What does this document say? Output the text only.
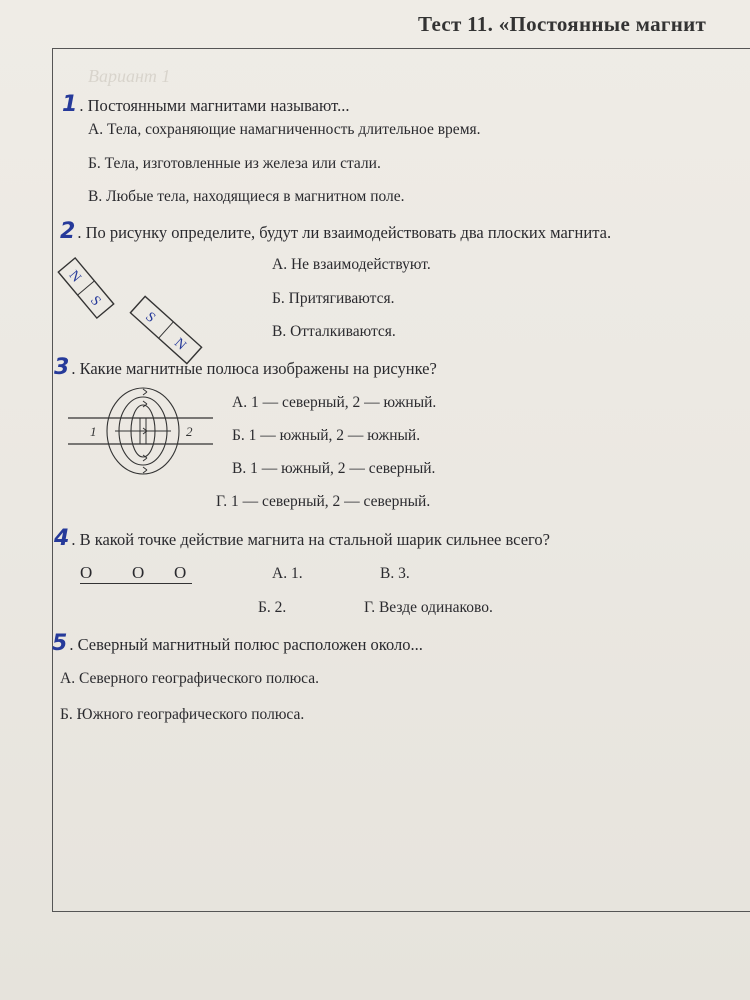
Тест 11. «Постоянные магнит
Вариант 1
1 . Постоянными магнитами называют...
А. Тела, сохраняющие намагниченность длительное время.
Б. Тела, изготовленные из железа или стали.
В. Любые тела, находящиеся в магнитном поле.
2 . По рисунку определите, будут ли взаимодействовать два плоских магнита.
N
S
S
N
А. Не взаимодействуют.
Б. Притягиваются.
В. Отталкиваются.
3 . Какие магнитные полюса изображены на рисунке?
1	2
А. 1 — северный, 2 — южный.
Б. 1 — южный, 2 — южный.
В. 1 — южный, 2 — северный.
Г. 1 — северный, 2 — северный.
4 . В какой точке действие магнита на стальной шарик сильнее всего?
О О О	А. 1.	В. 3.
Б. 2.	Г. Везде одинаково.
5 . Северный магнитный полюс расположен около...
А. Северного географического полюса.
Б. Южного географического полюса.
